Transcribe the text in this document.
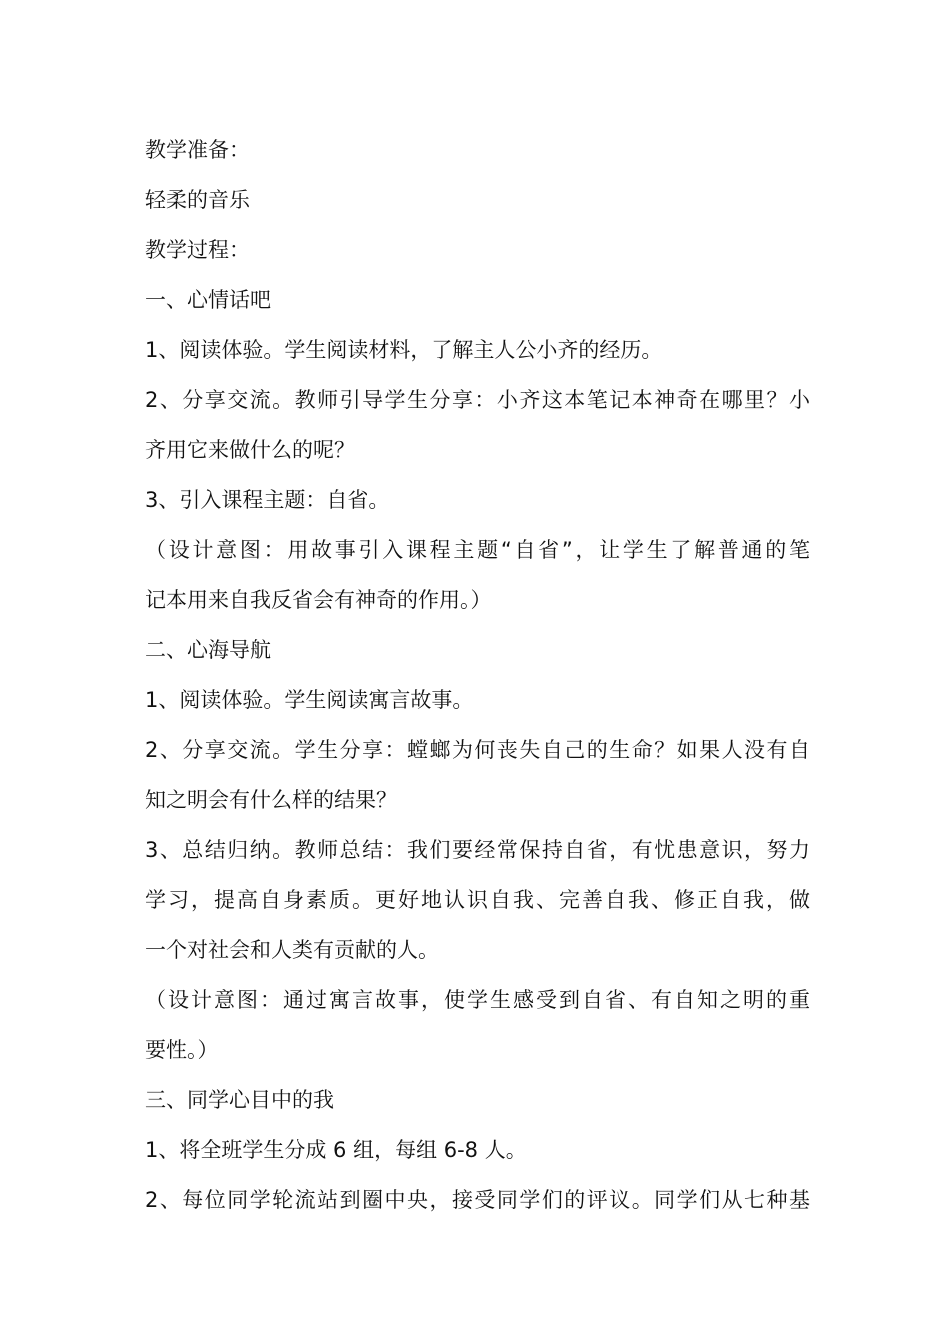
教学准备：
轻柔的音乐
教学过程：
一、心情话吧
1、阅读体验。学生阅读材料，了解主人公小齐的经历。
2、分享交流。教师引导学生分享：小齐这本笔记本神奇在哪里？小
齐用它来做什么的呢？
3、引入课程主题：自省。
（设计意图：用故事引入课程主题“自省”，让学生了解普通的笔
记本用来自我反省会有神奇的作用。）
二、心海导航
1、阅读体验。学生阅读寓言故事。
2、分享交流。学生分享：螳螂为何丧失自己的生命？如果人没有自
知之明会有什么样的结果？
3、总结归纳。教师总结：我们要经常保持自省，有忧患意识，努力
学习，提高自身素质。更好地认识自我、完善自我、修正自我，做
一个对社会和人类有贡献的人。
（设计意图：通过寓言故事，使学生感受到自省、有自知之明的重
要性。）
三、同学心目中的我
1、将全班学生分成 6 组，每组 6-8 人。
2、每位同学轮流站到圈中央，接受同学们的评议。同学们从七种基
